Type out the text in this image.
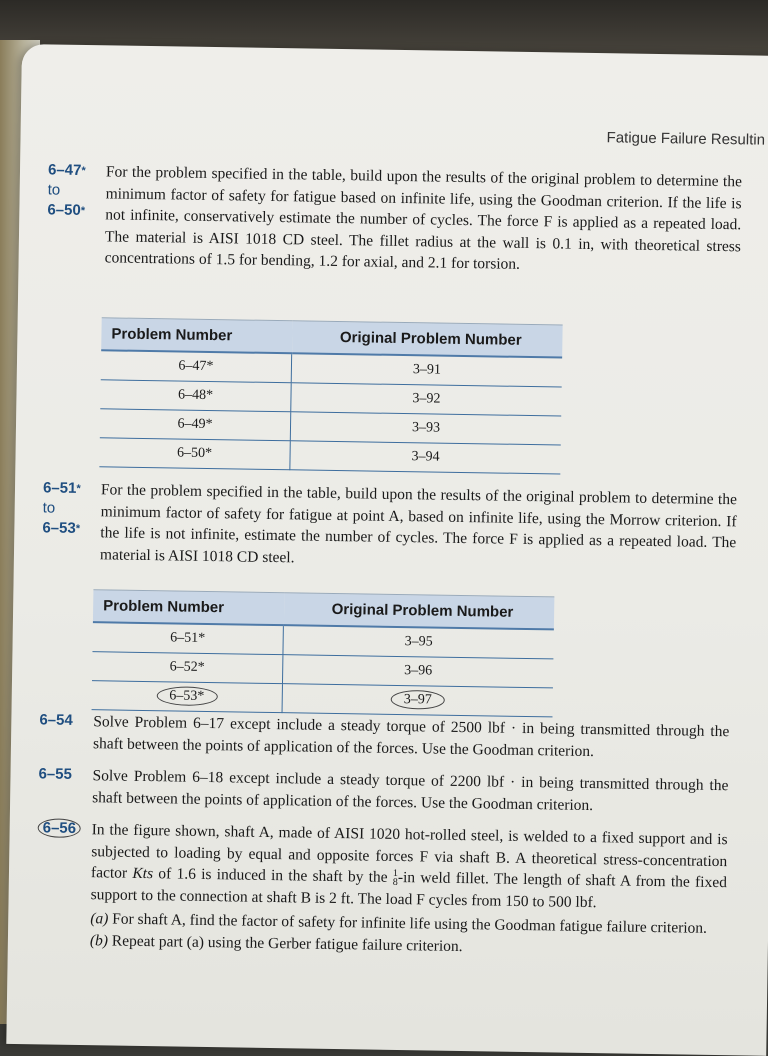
Fatigue Failure Resultin
6–47*
to
6–50*
For the problem specified in the table, build upon the results of the original problem to determine the minimum factor of safety for fatigue based on infinite life, using the Goodman criterion. If the life is not infinite, conservatively estimate the number of cycles. The force F is applied as a repeated load. The material is AISI 1018 CD steel. The fillet radius at the wall is 0.1 in, with theoretical stress concentrations of 1.5 for bending, 1.2 for axial, and 2.1 for torsion.
Problem Number	Original Problem Number
6–47*	3–91
6–48*	3–92
6–49*	3–93
6–50*	3–94
6–51*
to
6–53*
For the problem specified in the table, build upon the results of the original problem to determine the minimum factor of safety for fatigue at point A, based on infinite life, using the Morrow criterion. If the life is not infinite, estimate the number of cycles. The force F is applied as a repeated load. The material is AISI 1018 CD steel.
Problem Number	Original Problem Number
6–51*	3–95
6–52*	3–96
6–53*	3–97
6–54 Solve Problem 6–17 except include a steady torque of 2500 lbf · in being transmitted through the shaft between the points of application of the forces. Use the Goodman criterion.
6–55 Solve Problem 6–18 except include a steady torque of 2200 lbf · in being transmitted through the shaft between the points of application of the forces. Use the Goodman criterion.
6–56 In the figure shown, shaft A, made of AISI 1020 hot-rolled steel, is welded to a fixed support and is subjected to loading by equal and opposite forces F via shaft B. A theoretical stress-concentration factor Kts of 1.6 is induced in the shaft by the 1
8 -in weld fillet. The length of shaft A from the fixed support to the connection at shaft B is 2 ft. The load F cycles from 150 to 500 lbf.
(a) For shaft A, find the factor of safety for infinite life using the Goodman fatigue failure criterion.
(b) Repeat part (a) using the Gerber fatigue failure criterion.
